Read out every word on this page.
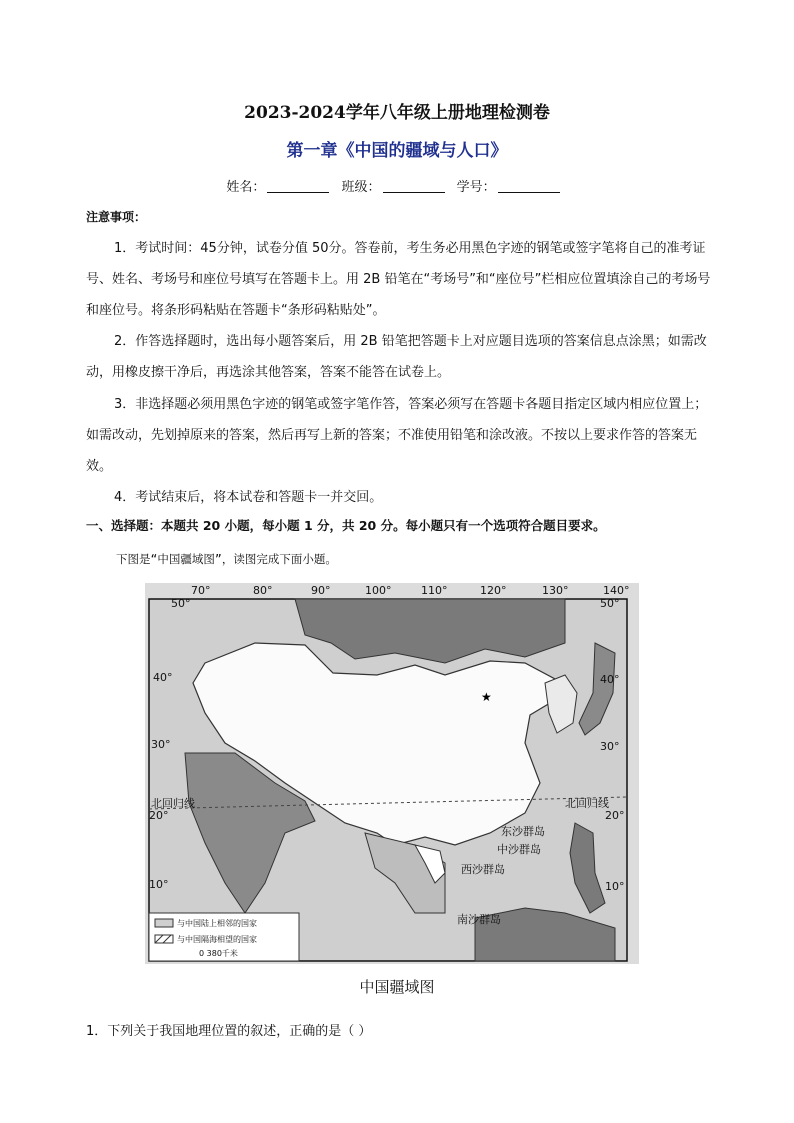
2023-2024学年八年级上册地理检测卷
第一章《中国的疆域与人口》
姓名：	班级：	学号：
注意事项：

1．考试时间：45分钟，试卷分值 50分。答卷前，考生务必用黑色字迹的钢笔或签字笔将自己的准考证号、姓名、考场号和座位号填写在答题卡上。用 2B 铅笔在“考场号”和“座位号”栏相应位置填涂自己的考场号和座位号。将条形码粘贴在答题卡“条形码粘贴处”。

2．作答选择题时，选出每小题答案后，用 2B 铅笔把答题卡上对应题目选项的答案信息点涂黑；如需改动，用橡皮擦干净后，再选涂其他答案，答案不能答在试卷上。

3．非选择题必须用黑色字迹的钢笔或签字笔作答，答案必须写在答题卡各题目指定区域内相应位置上；如需改动，先划掉原来的答案，然后再写上新的答案；不准使用铅笔和涂改液。不按以上要求作答的答案无效。

4．考试结束后，将本试卷和答题卡一并交回。

一、选择题：本题共 20 小题，每小题 1 分，共 20 分。每小题只有一个选项符合题目要求。
下图是“中国疆域图”，读图完成下面小题。
★
70°	80°	90°	100°	110°	120°	130°	140°
50°
40°
30°
20°
10°
50°
40°
30°
20°
10°
北回归线	北回归线
东沙群岛
中沙群岛
西沙群岛
南沙群岛
与中国陆上相邻的国家
与中国隔海相望的国家
0 380千米
中国疆域图
1．下列关于我国地理位置的叙述，正确的是（ ）
